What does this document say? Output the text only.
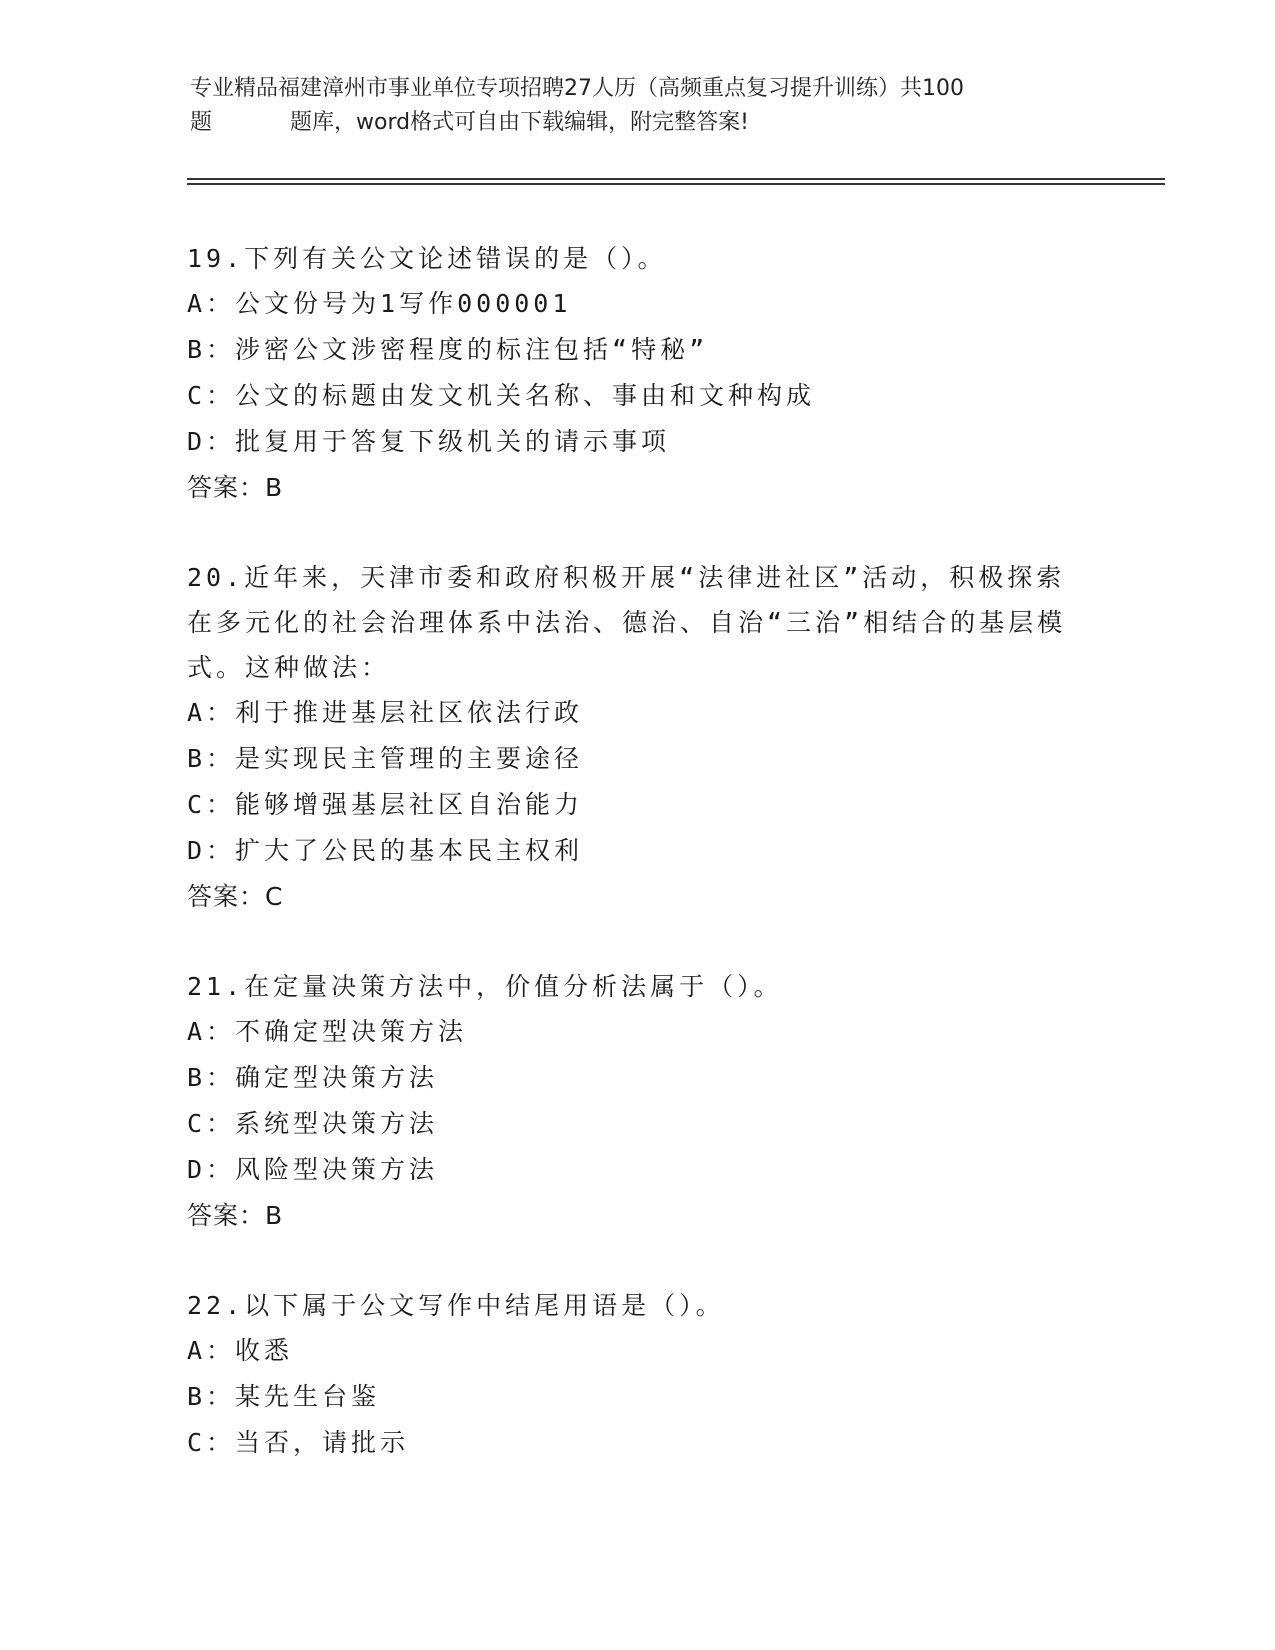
专业精品福建漳州市事业单位专项招聘27人历（高频重点复习提升训练）共100
题	题库，word格式可自由下载编辑，附完整答案!
19.下列有关公文论述错误的是（）。
A：公文份号为1写作000001
B：涉密公文涉密程度的标注包括“特秘”
C：公文的标题由发文机关名称、事由和文种构成
D：批复用于答复下级机关的请示事项
答案：B
20.近年来，天津市委和政府积极开展“法律进社区”活动，积极探索在多元化的社会治理体系中法治、德治、自治“三治”相结合的基层模式。这种做法：
A：利于推进基层社区依法行政
B：是实现民主管理的主要途径
C：能够增强基层社区自治能力
D：扩大了公民的基本民主权利
答案：C
21.在定量决策方法中，价值分析法属于（）。
A：不确定型决策方法
B：确定型决策方法
C：系统型决策方法
D：风险型决策方法
答案：B
22.以下属于公文写作中结尾用语是（）。
A：收悉
B：某先生台鉴
C：当否，请批示
